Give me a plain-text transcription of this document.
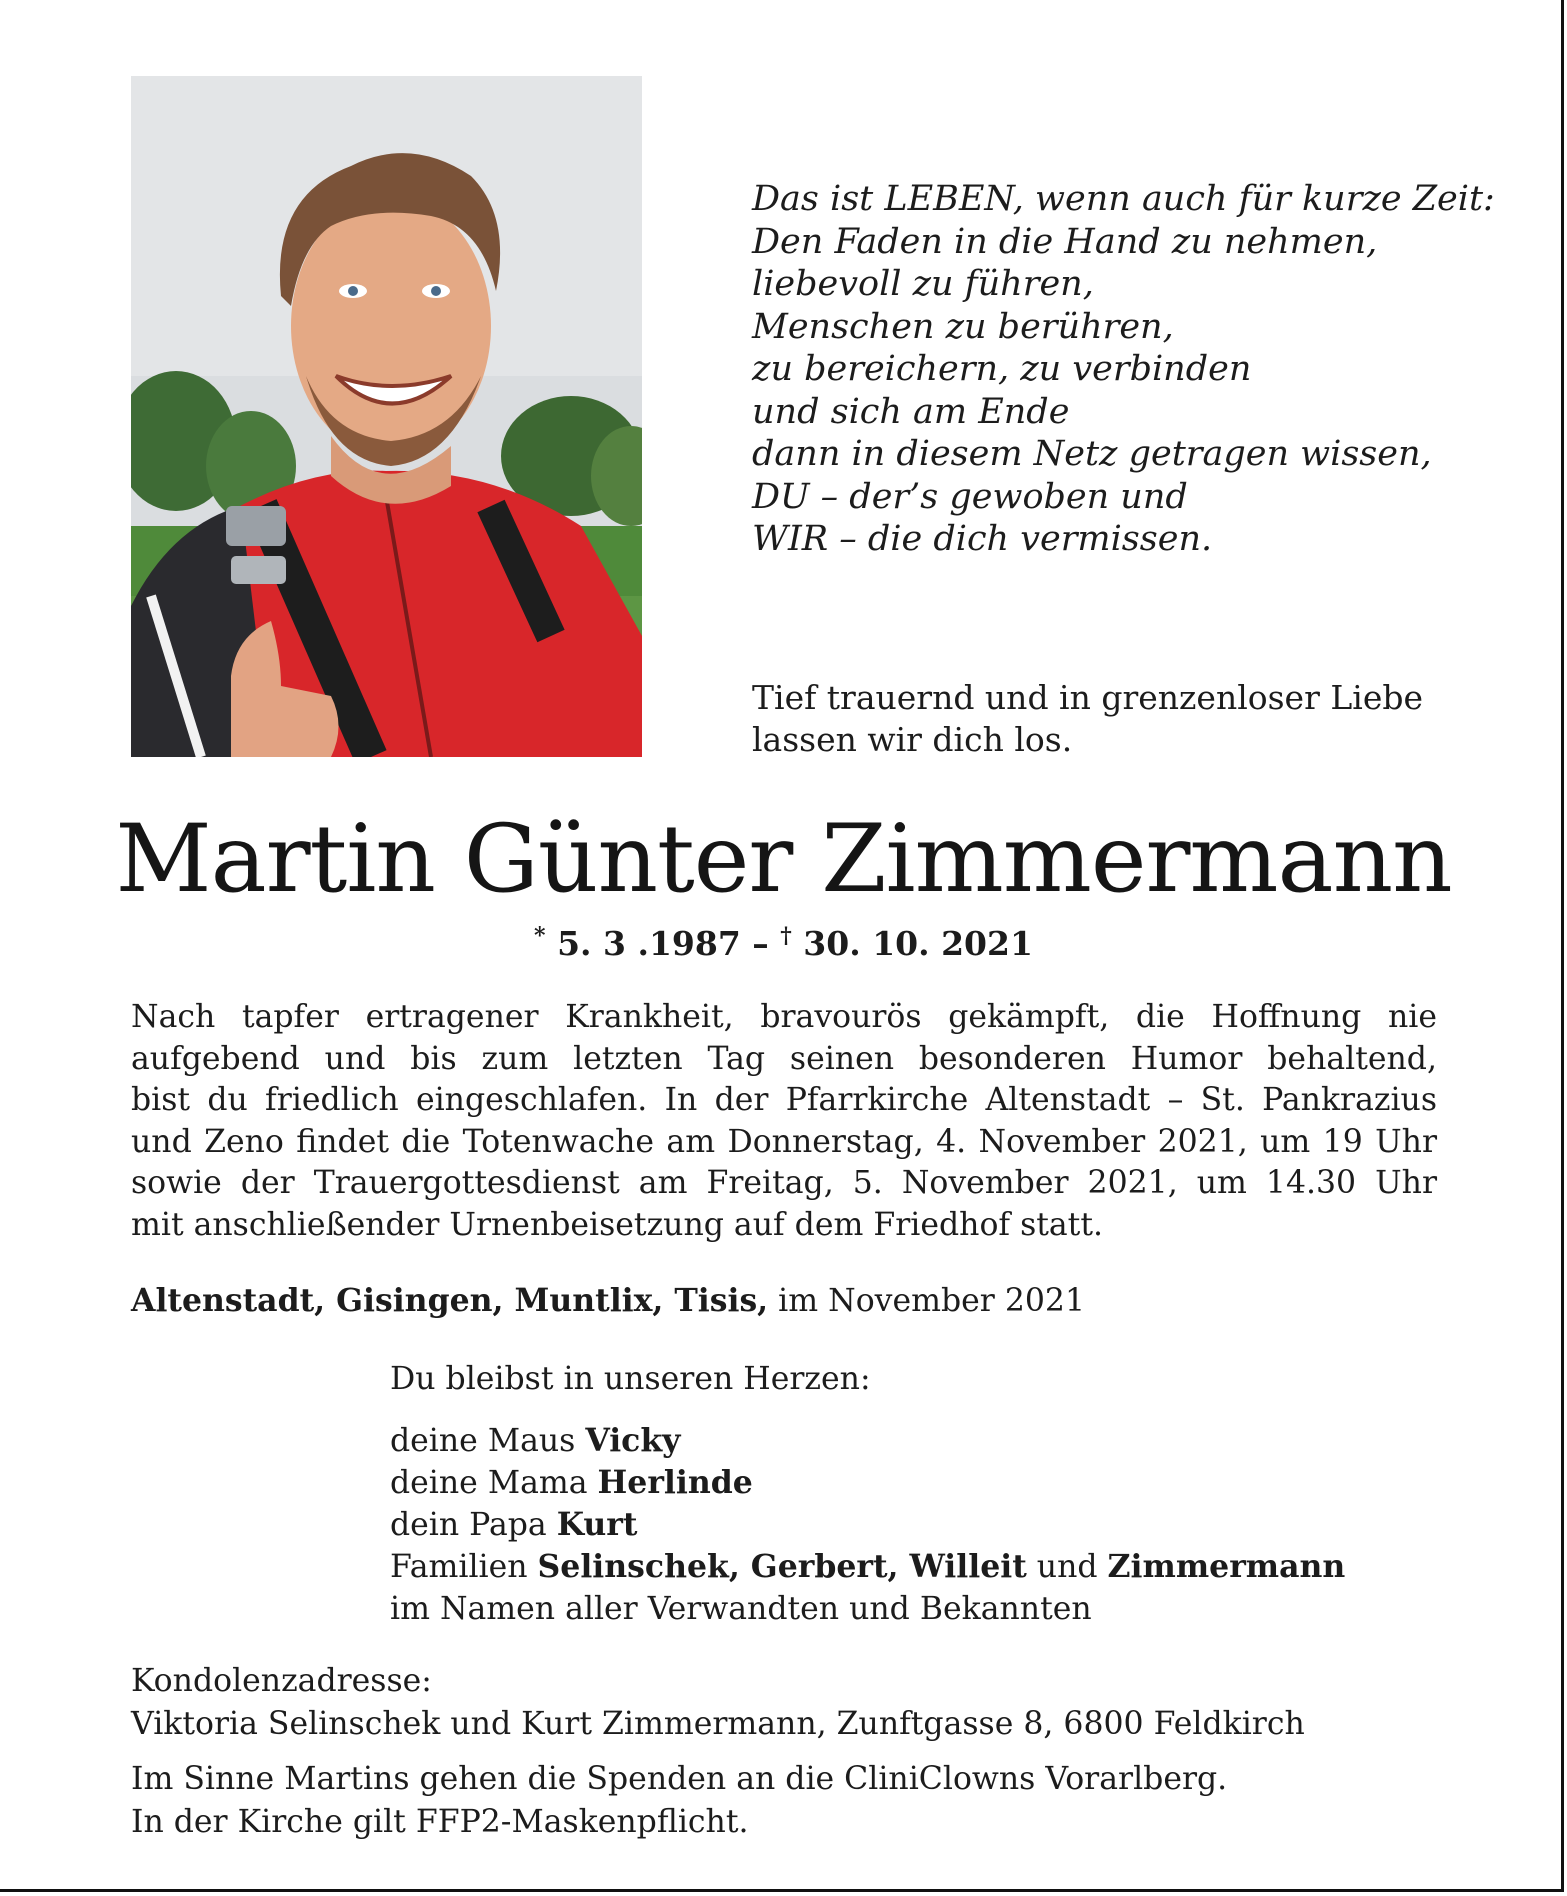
Das ist LEBEN, wenn auch für kurze Zeit:
Den Faden in die Hand zu nehmen,
liebevoll zu führen,
Menschen zu berühren,
zu bereichern, zu verbinden
und sich am Ende
dann in diesem Netz getragen wissen,
DU – der’s gewoben und
WIR – die dich vermissen.
Tief trauernd und in grenzenloser Liebe
lassen wir dich los.
Martin Günter Zimmermann
* 5. 3 .1987 – † 30. 10. 2021
Nach tapfer ertragener Krankheit, bravourös gekämpft, die Hoffnung nie
aufgebend und bis zum letzten Tag seinen besonderen Humor behaltend,
bist du friedlich eingeschlafen. In der Pfarrkirche Altenstadt – St. Pankrazius
und Zeno findet die Totenwache am Donnerstag, 4. November 2021, um 19 Uhr
sowie der Trauergottesdienst am Freitag, 5. November 2021, um 14.30 Uhr
mit anschließender Urnenbeisetzung auf dem Friedhof statt.
Altenstadt, Gisingen, Muntlix, Tisis, im November 2021
Du bleibst in unseren Herzen:
deine Maus Vicky
deine Mama Herlinde
dein Papa Kurt
Familien Selinschek, Gerbert, Willeit und Zimmermann
im Namen aller Verwandten und Bekannten
Kondolenzadresse:
Viktoria Selinschek und Kurt Zimmermann, Zunftgasse 8, 6800 Feldkirch
Im Sinne Martins gehen die Spenden an die CliniClowns Vorarlberg.
In der Kirche gilt FFP2-Maskenpflicht.
